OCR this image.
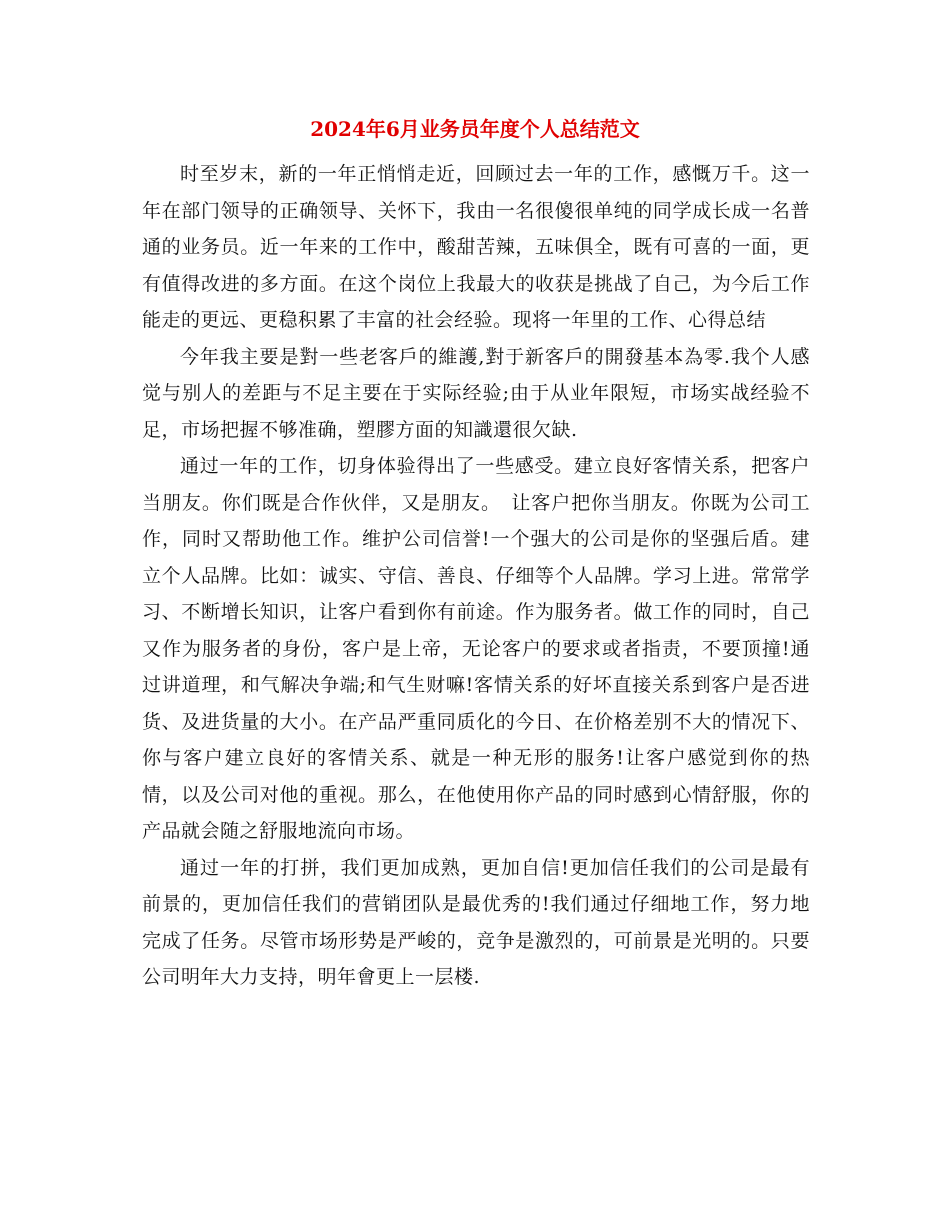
2024年6月业务员年度个人总结范文

时至岁末，新的一年正悄悄走近，回顾过去一年的工作，感慨万千。这一年在部门领导的正确领导、关怀下，我由一名很傻很单纯的同学成长成一名普通的业务员。近一年来的工作中，酸甜苦辣，五味俱全，既有可喜的一面，更有值得改进的多方面。在这个岗位上我最大的收获是挑战了自己，为今后工作能走的更远、更稳积累了丰富的社会经验。现将一年里的工作、心得总结

今年我主要是對一些老客戶的維護,對于新客戶的開發基本為零.我个人感觉与别人的差距与不足主要在于实际经验;由于从业年限短，市场实战经验不足，市场把握不够准确，塑膠方面的知識還很欠缺.

通过一年的工作，切身体验得出了一些感受。建立良好客情关系，把客户当朋友。你们既是合作伙伴，又是朋友。　让客户把你当朋友。你既为公司工作，同时又帮助他工作。维护公司信誉!一个强大的公司是你的坚强后盾。建立个人品牌。比如：诚实、守信、善良、仔细等个人品牌。学习上进。常常学习、不断增长知识，让客户看到你有前途。作为服务者。做工作的同时，自己又作为服务者的身份，客户是上帝，无论客户的要求或者指责，不要顶撞!通过讲道理，和气解决争端;和气生财嘛!客情关系的好坏直接关系到客户是否进货、及进货量的大小。在产品严重同质化的今日、在价格差别不大的情况下、你与客户建立良好的客情关系、就是一种无形的服务!让客户感觉到你的热情，以及公司对他的重视。那么，在他使用你产品的同时感到心情舒服，你的产品就会随之舒服地流向市场。

通过一年的打拼，我们更加成熟，更加自信!更加信任我们的公司是最有前景的，更加信任我们的营销团队是最优秀的!我们通过仔细地工作，努力地完成了任务。尽管市场形势是严峻的，竞争是激烈的，可前景是光明的。只要公司明年大力支持，明年會更上一层楼.
